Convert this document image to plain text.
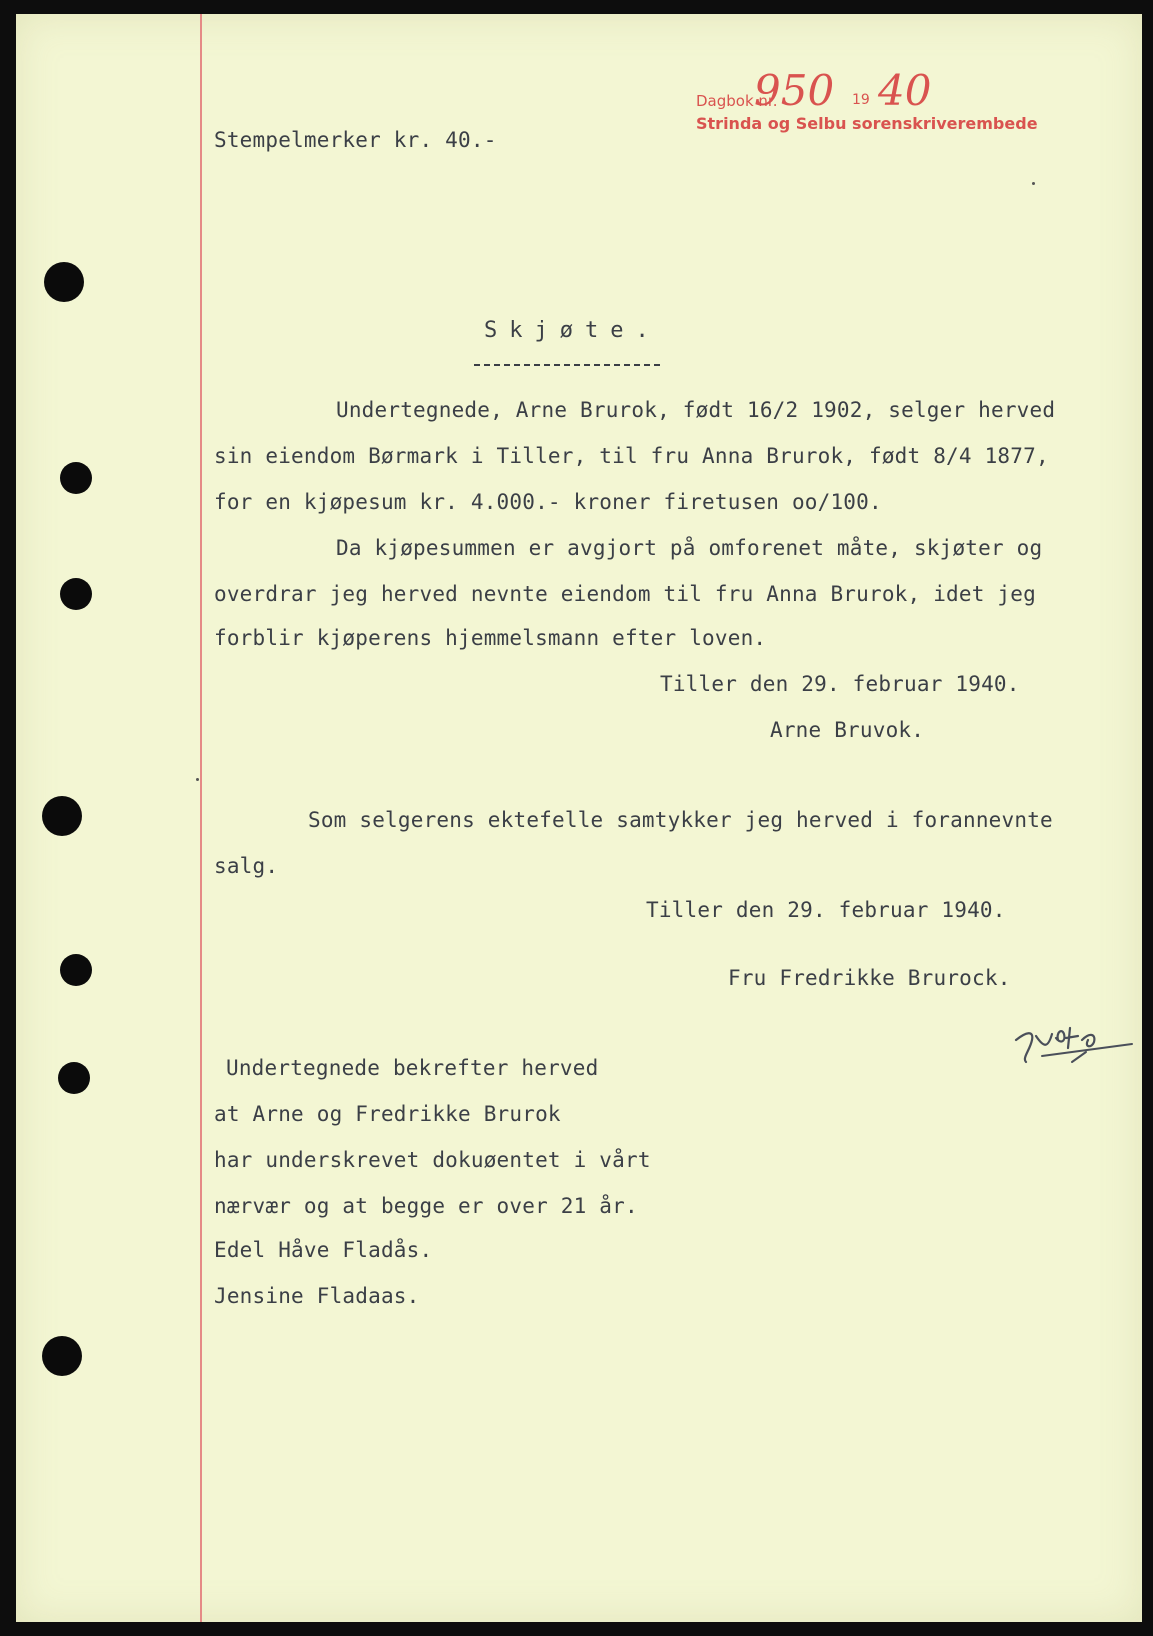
Dagbok nr.
950 19 40
Strinda og Selbu sorenskriverembede
Stempelmerker kr. 40.-
Skjøte.
Undertegnede, Arne Brurok, født 16/2 1902, selger herved
sin eiendom Børmark i Tiller, til fru Anna Brurok, født 8/4 1877,
for en kjøpesum kr. 4.000.- kroner firetusen oo/100.
Da kjøpesummen er avgjort på omforenet måte, skjøter og
overdrar jeg herved nevnte eiendom til fru Anna Brurok, idet jeg
forblir kjøperens hjemmelsmann efter loven.
Tiller den 29. februar 1940.
Arne Bruvok.
Som selgerens ektefelle samtykker jeg herved i forannevnte
salg.
Tiller den 29. februar 1940.
Fru Fredrikke Brurock.
Undertegnede bekrefter herved
at Arne og Fredrikke Brurok
har underskrevet dokuøentet i vårt
nærvær og at begge er over 21 år.
Edel Håve Fladås.
Jensine Fladaas.
